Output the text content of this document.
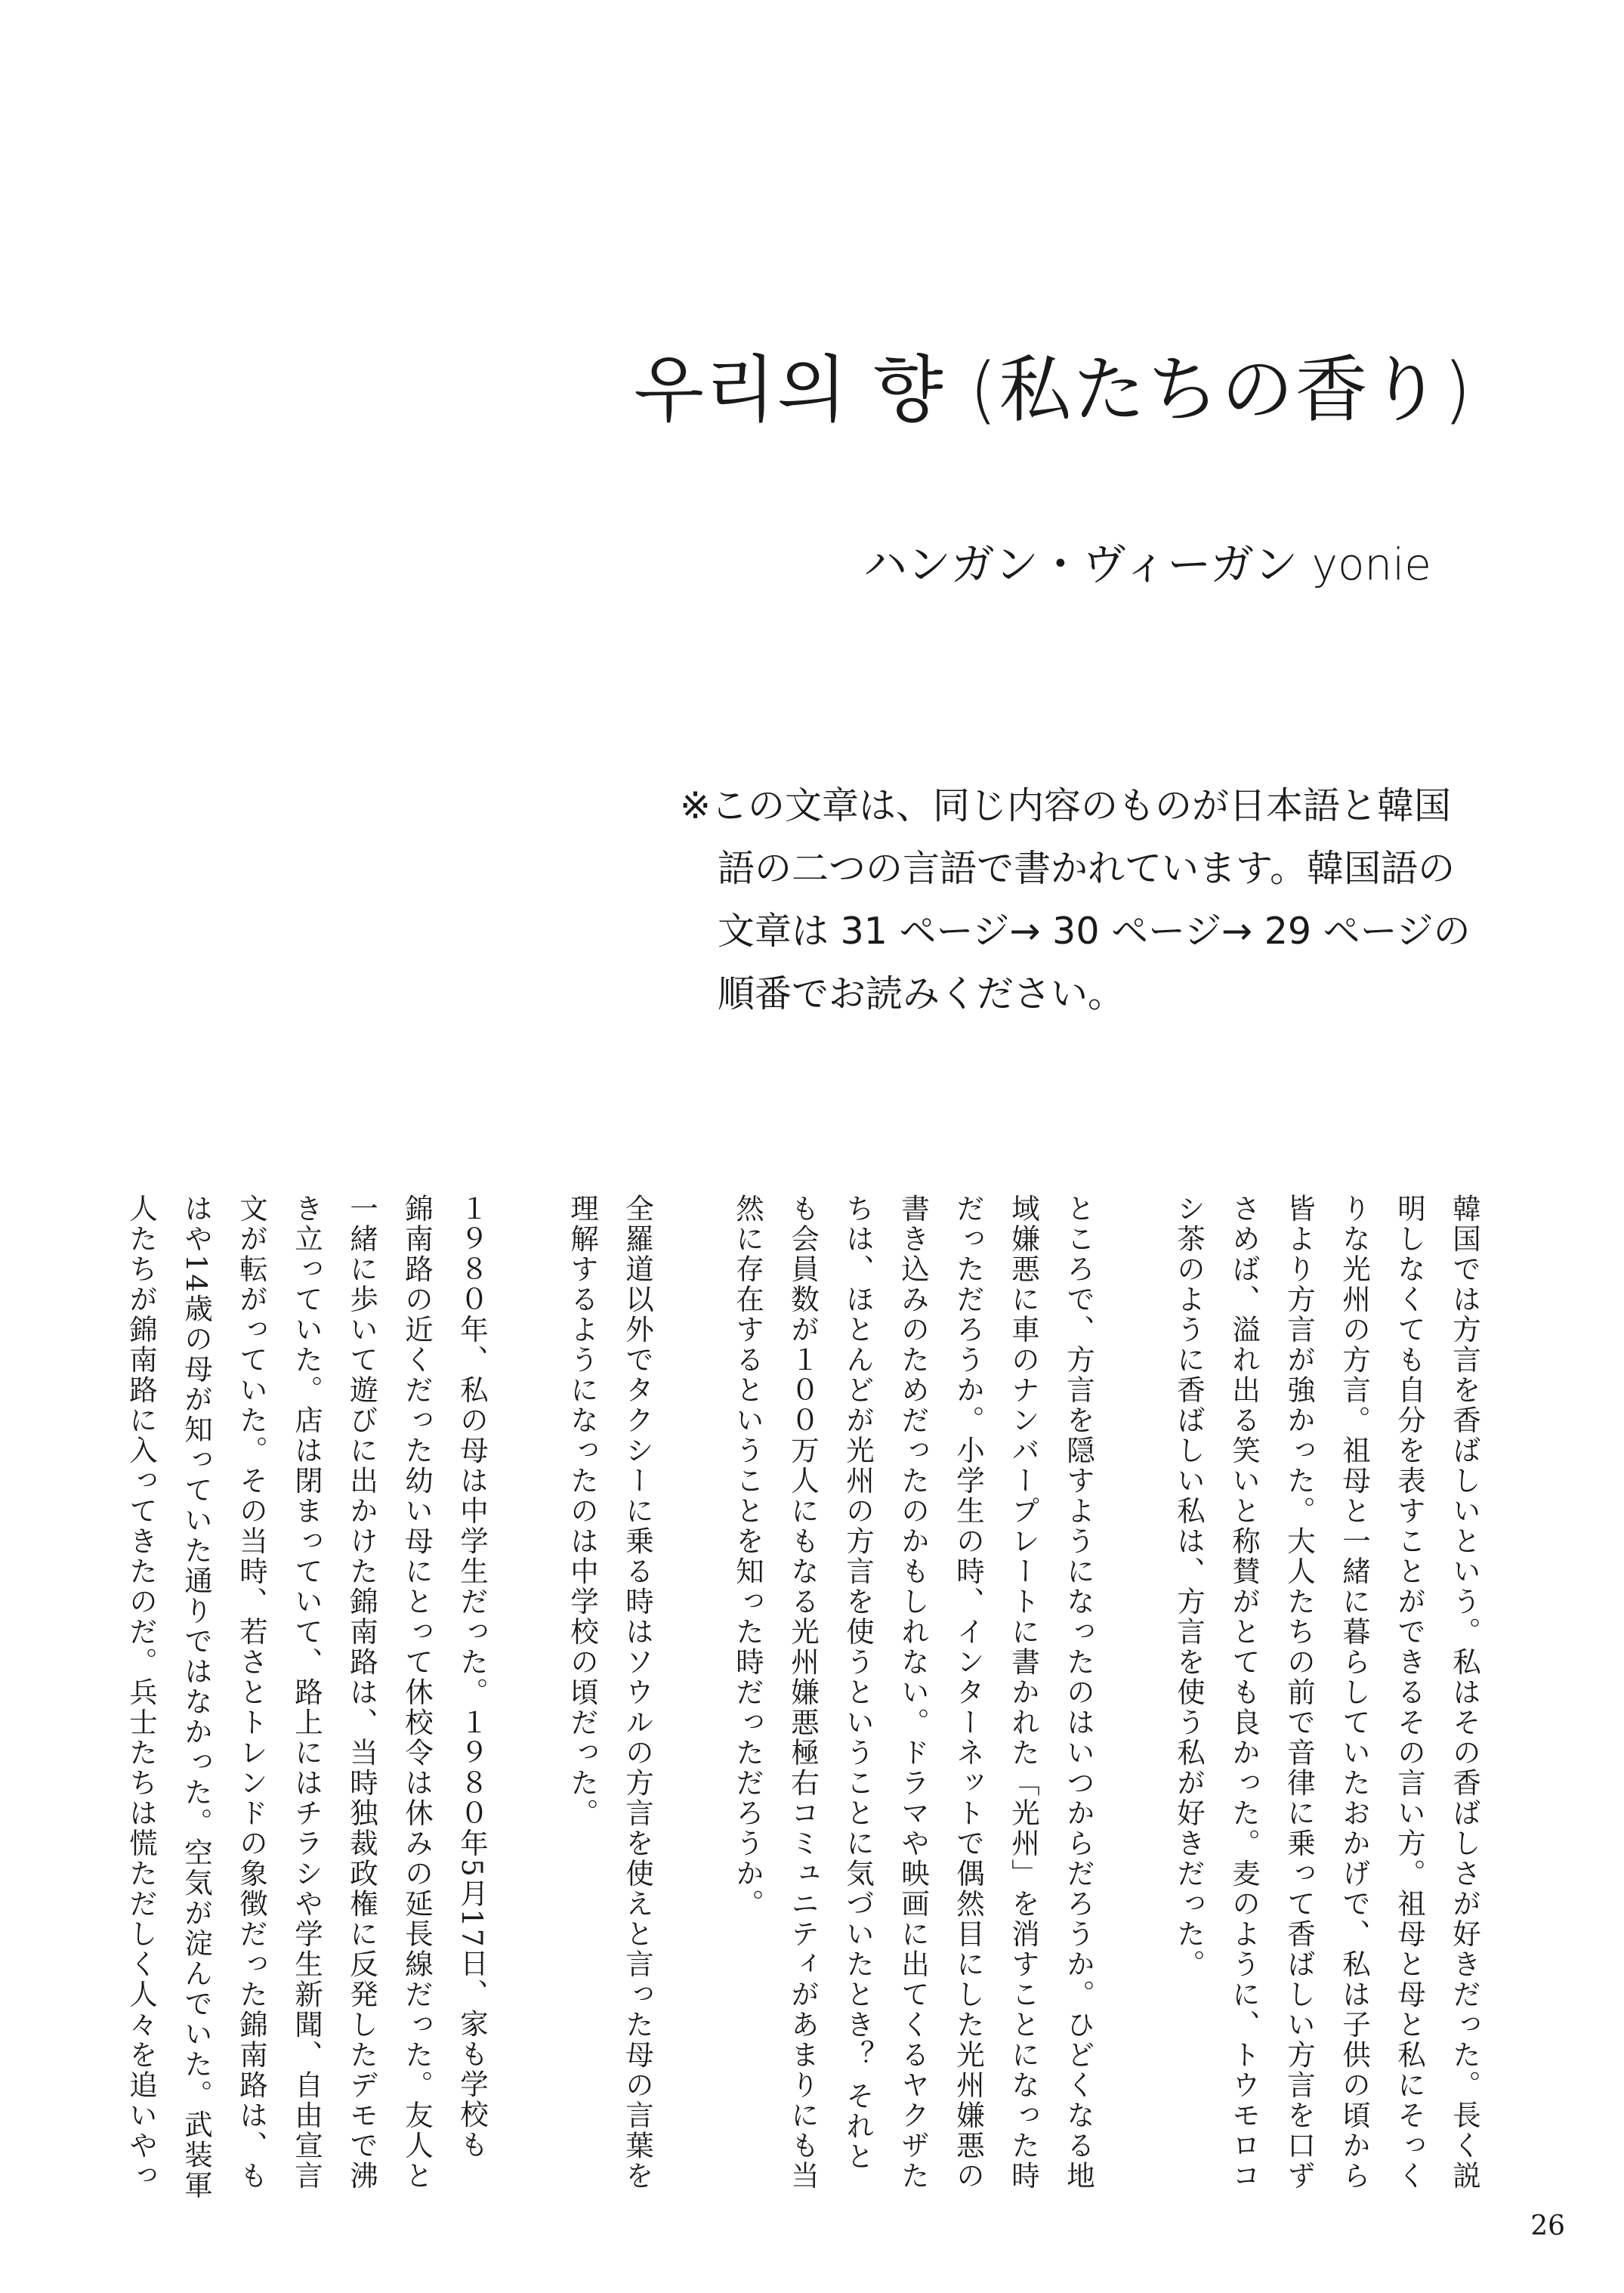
우리의 향 (私たちの香り)
ハンガン・ヴィーガン yonie

※この文章は、同じ内容のものが日本語と韓国

語の二つの言語で書かれています。韓国語の

文章は 31 ページ→ 30 ページ→ 29 ページの

順番でお読みください。

韓国では方言を香ばしいという。私はその香ばしさが好きだった。長く説

明しなくても自分を表すことができるその言い方。祖母と母と私にそっく

りな光州の方言。祖母と一緒に暮らしていたおかげで、私は子供の頃から

皆より方言が強かった。大人たちの前で音律に乗って香ばしい方言を口ず

さめば、溢れ出る笑いと称賛がとても良かった。麦のように、トウモロコ

シ茶のように香ばしい私は、方言を使う私が好きだった。

ところで、方言を隠すようになったのはいつからだろうか。ひどくなる地

域嫌悪に車のナンバープレートに書かれた「光州」を消すことになった時

だっただろうか。小学生の時、インターネットで偶然目にした光州嫌悪の

書き込みのためだったのかもしれない。ドラマや映画に出てくるヤクザた

ちは、ほとんどが光州の方言を使うということに気づいたとき？ それと

も会員数が１００万人にもなる光州嫌悪極右コミュニティがあまりにも当

然に存在するということを知った時だっただろうか。

全羅道以外でタクシーに乗る時はソウルの方言を使えと言った母の言葉を

理解するようになったのは中学校の頃だった。

１９８０年、私の母は中学生だった。１９８０年5月17日、家も学校も

錦南路の近くだった幼い母にとって休校令は休みの延長線だった。友人と

一緒に歩いて遊びに出かけた錦南路は、当時独裁政権に反発したデモで沸

き立っていた。店は閉まっていて、路上にはチラシや学生新聞、自由宣言

文が転がっていた。その当時、若さとトレンドの象徴だった錦南路は、も

はや14歳の母が知っていた通りではなかった。空気が淀んでいた。武装軍

人たちが錦南路に入ってきたのだ。兵士たちは慌ただしく人々を追いやっ

26
